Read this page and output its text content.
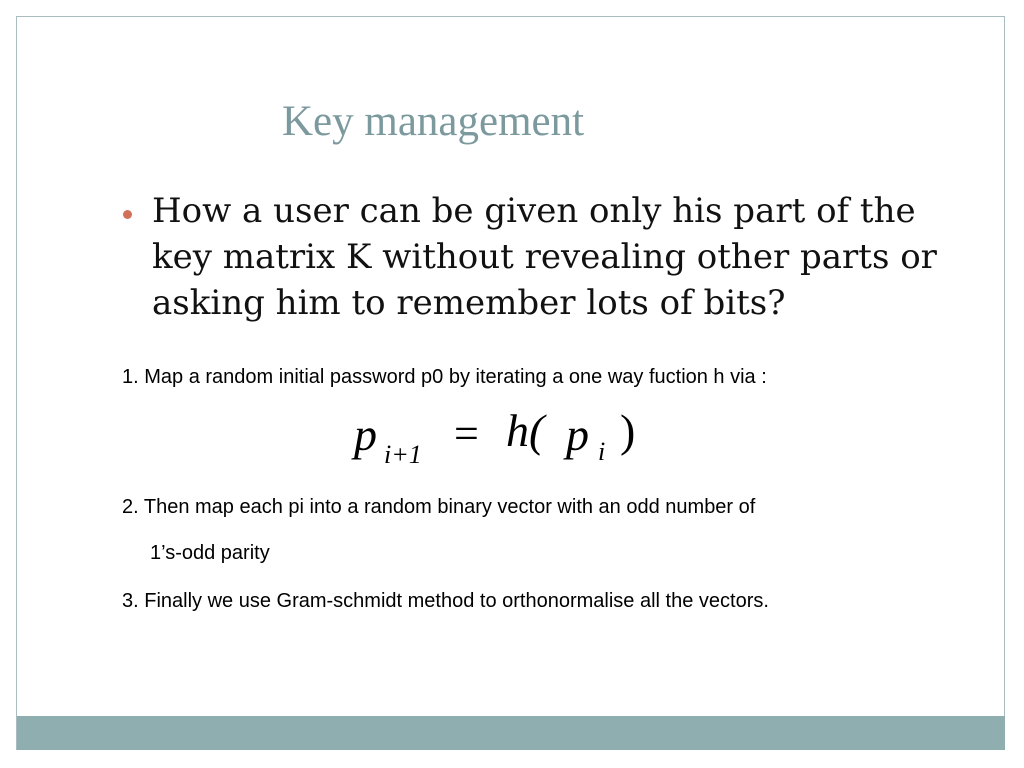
Key management
How a user can be given only his part of the key matrix K without revealing other parts or asking him to remember lots of bits?
1. Map a random initial password p0 by iterating a one way fuction h via :
p i+1 = h( p i )
2. Then map each pi into a random binary vector with an odd number of
1’s-odd parity
3. Finally we use Gram-schmidt method to orthonormalise all the vectors.
